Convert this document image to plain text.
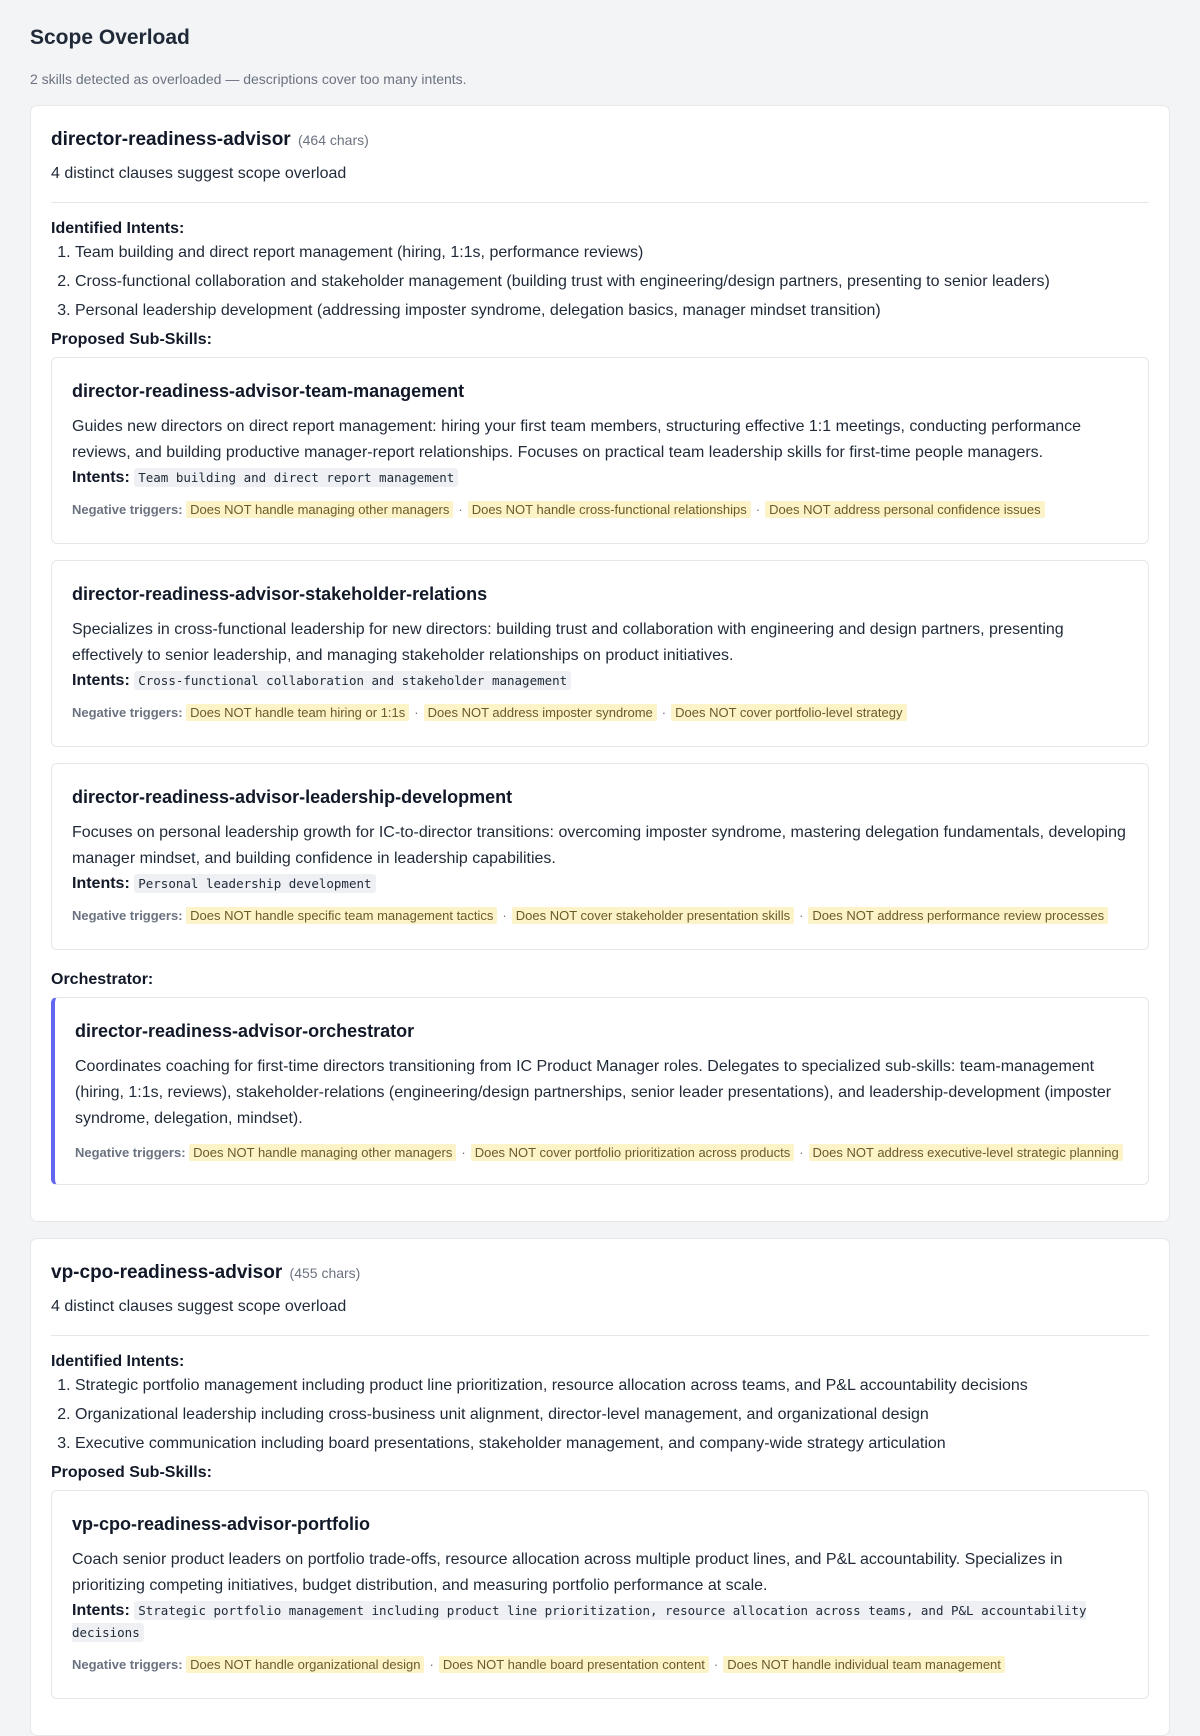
Scope Overload
2 skills detected as overloaded — descriptions cover too many intents.
director-readiness-advisor (464 chars)
4 distinct clauses suggest scope overload
Identified Intents:
1. Team building and direct report management (hiring, 1:1s, performance reviews)
2. Cross-functional collaboration and stakeholder management (building trust with engineering/design partners, presenting to senior leaders)
3. Personal leadership development (addressing imposter syndrome, delegation basics, manager mindset transition)
Proposed Sub-Skills:
director-readiness-advisor-team-management
Guides new directors on direct report management: hiring your first team members, structuring effective 1:1 meetings, conducting performance reviews, and building productive manager-report relationships. Focuses on practical team leadership skills for first-time people managers.
Intents: Team building and direct report management
Negative triggers: Does NOT handle managing other managers · Does NOT handle cross-functional relationships · Does NOT address personal confidence issues
director-readiness-advisor-stakeholder-relations
Specializes in cross-functional leadership for new directors: building trust and collaboration with engineering and design partners, presenting effectively to senior leadership, and managing stakeholder relationships on product initiatives.
Intents: Cross-functional collaboration and stakeholder management
Negative triggers: Does NOT handle team hiring or 1:1s · Does NOT address imposter syndrome · Does NOT cover portfolio-level strategy
director-readiness-advisor-leadership-development
Focuses on personal leadership growth for IC-to-director transitions: overcoming imposter syndrome, mastering delegation fundamentals, developing manager mindset, and building confidence in leadership capabilities.
Intents: Personal leadership development
Negative triggers: Does NOT handle specific team management tactics · Does NOT cover stakeholder presentation skills · Does NOT address performance review processes
Orchestrator:
director-readiness-advisor-orchestrator
Coordinates coaching for first-time directors transitioning from IC Product Manager roles. Delegates to specialized sub-skills: team-management (hiring, 1:1s, reviews), stakeholder-relations (engineering/design partnerships, senior leader presentations), and leadership-development (imposter syndrome, delegation, mindset).
Negative triggers: Does NOT handle managing other managers · Does NOT cover portfolio prioritization across products · Does NOT address executive-level strategic planning
vp-cpo-readiness-advisor (455 chars)
4 distinct clauses suggest scope overload
Identified Intents:
1. Strategic portfolio management including product line prioritization, resource allocation across teams, and P&L accountability decisions
2. Organizational leadership including cross-business unit alignment, director-level management, and organizational design
3. Executive communication including board presentations, stakeholder management, and company-wide strategy articulation
Proposed Sub-Skills:
vp-cpo-readiness-advisor-portfolio
Coach senior product leaders on portfolio trade-offs, resource allocation across multiple product lines, and P&L accountability. Specializes in prioritizing competing initiatives, budget distribution, and measuring portfolio performance at scale.
Intents: Strategic portfolio management including product line prioritization, resource allocation across teams, and P&L accountability decisions
Negative triggers: Does NOT handle organizational design · Does NOT handle board presentation content · Does NOT handle individual team management
